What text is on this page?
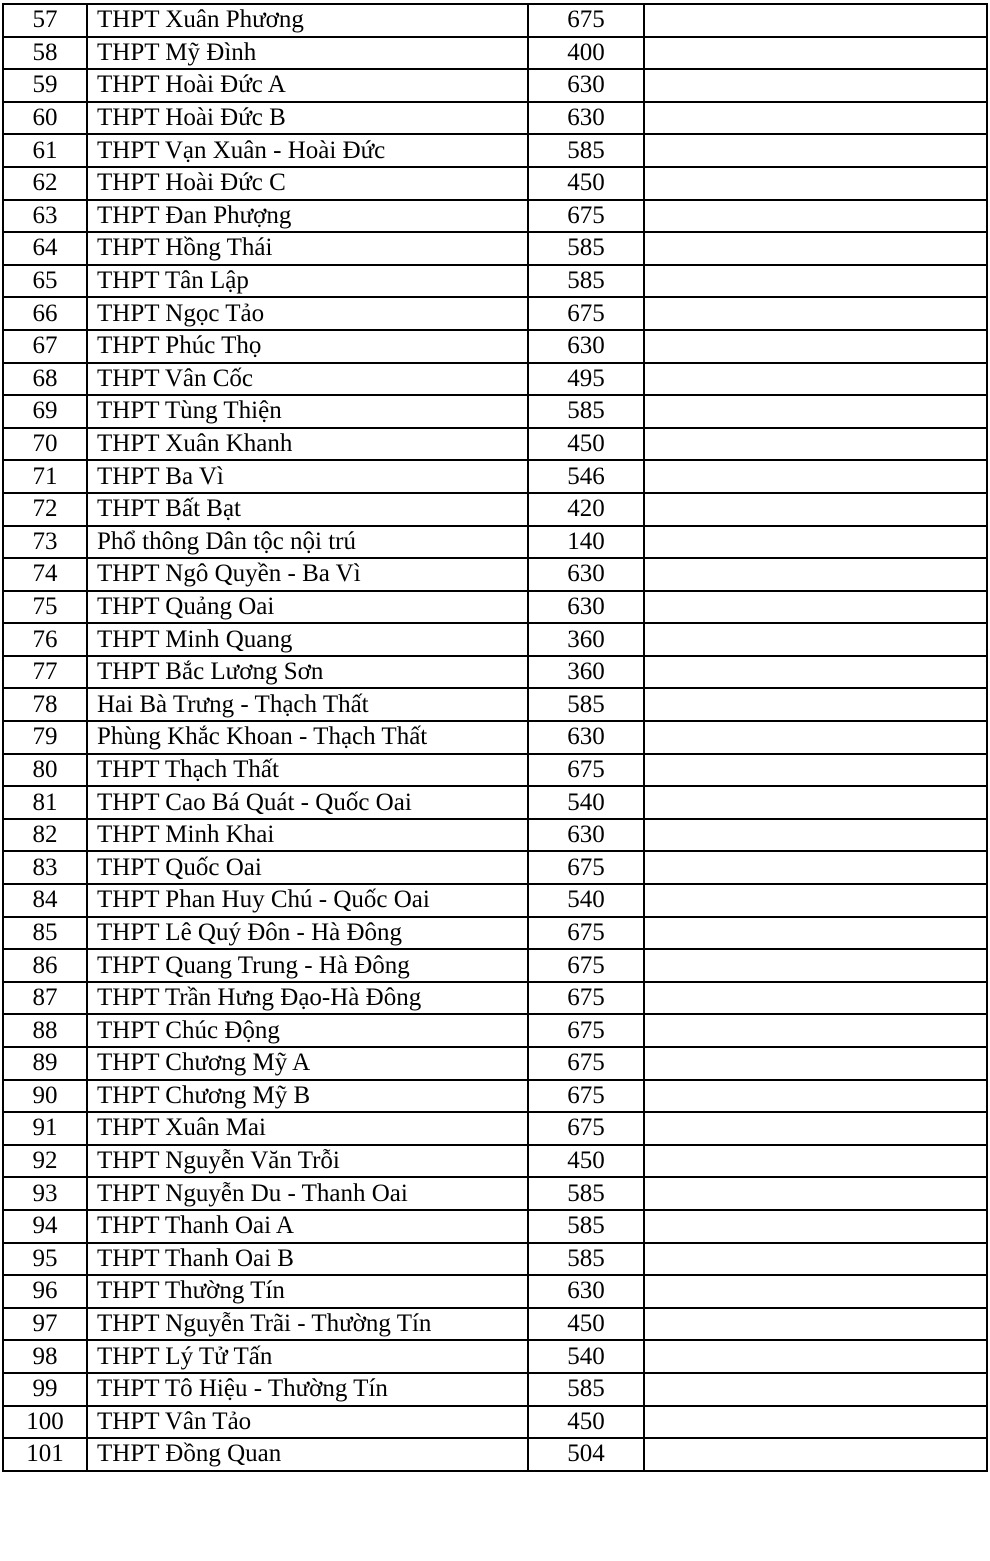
57	THPT Xuân Phương	675	
58	THPT Mỹ Đình	400	
59	THPT Hoài Đức A	630	
60	THPT Hoài Đức B	630	
61	THPT Vạn Xuân - Hoài Đức	585	
62	THPT Hoài Đức C	450	
63	THPT Đan Phượng	675	
64	THPT Hồng Thái	585	
65	THPT Tân Lập	585	
66	THPT Ngọc Tảo	675	
67	THPT Phúc Thọ	630	
68	THPT Vân Cốc	495	
69	THPT Tùng Thiện	585	
70	THPT Xuân Khanh	450	
71	THPT Ba Vì	546	
72	THPT Bất Bạt	420	
73	Phổ thông Dân tộc nội trú	140	
74	THPT Ngô Quyền - Ba Vì	630	
75	THPT Quảng Oai	630	
76	THPT Minh Quang	360	
77	THPT Bắc Lương Sơn	360	
78	Hai Bà Trưng - Thạch Thất	585	
79	Phùng Khắc Khoan - Thạch Thất	630	
80	THPT Thạch Thất	675	
81	THPT Cao Bá Quát - Quốc Oai	540	
82	THPT Minh Khai	630	
83	THPT Quốc Oai	675	
84	THPT Phan Huy Chú - Quốc Oai	540	
85	THPT Lê Quý Đôn - Hà Đông	675	
86	THPT Quang Trung - Hà Đông	675	
87	THPT Trần Hưng Đạo-Hà Đông	675	
88	THPT Chúc Động	675	
89	THPT Chương Mỹ A	675	
90	THPT Chương Mỹ B	675	
91	THPT Xuân Mai	675	
92	THPT Nguyễn Văn Trỗi	450	
93	THPT Nguyễn Du - Thanh Oai	585	
94	THPT Thanh Oai A	585	
95	THPT Thanh Oai B	585	
96	THPT Thường Tín	630	
97	THPT Nguyễn Trãi - Thường Tín	450	
98	THPT Lý Tử Tấn	540	
99	THPT Tô Hiệu - Thường Tín	585	
100	THPT Vân Tảo	450	
101	THPT Đồng Quan	504	
